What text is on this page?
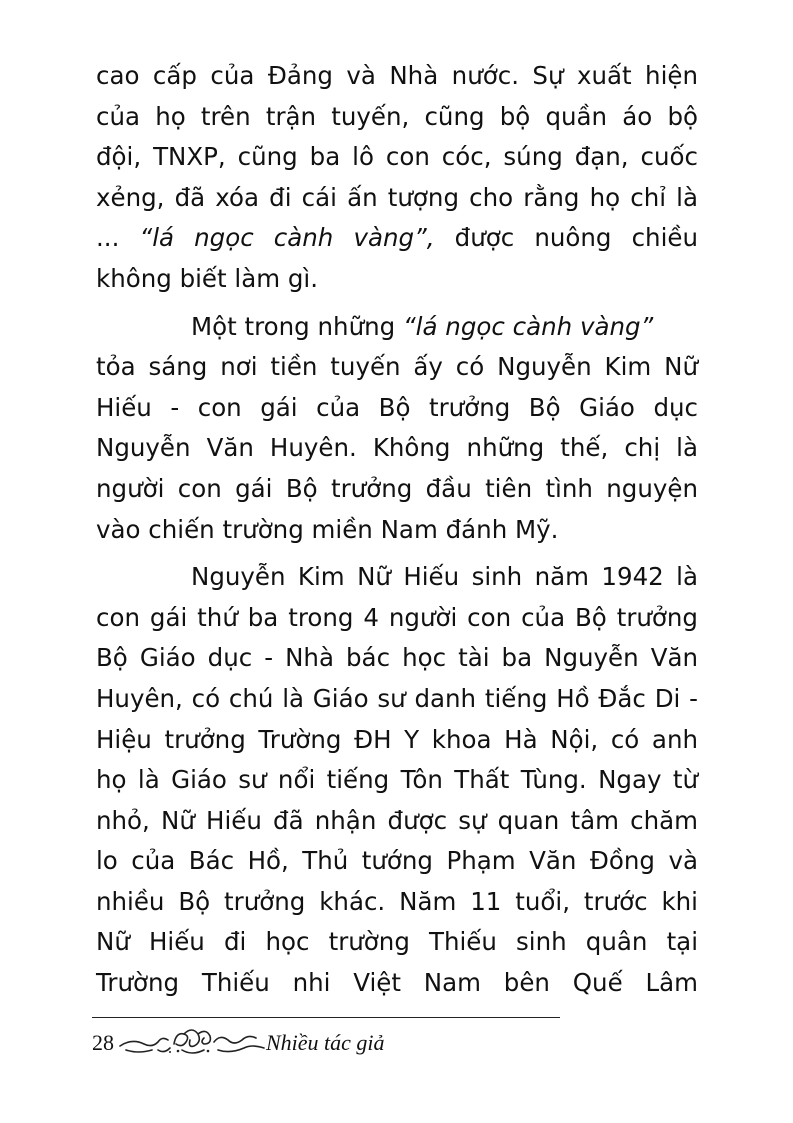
cao cấp của Đảng và Nhà nước. Sự xuất hiện
của họ trên trận tuyến, cũng bộ quần áo bộ
đội, TNXP, cũng ba lô con cóc, súng đạn, cuốc
xẻng, đã xóa đi cái ấn tượng cho rằng họ chỉ là
... “lá ngọc cành vàng”, được nuông chiều
không biết làm gì.
Một trong những “lá ngọc cành vàng”
tỏa sáng nơi tiền tuyến ấy có Nguyễn Kim Nữ
Hiếu - con gái của Bộ trưởng Bộ Giáo dục
Nguyễn Văn Huyên. Không những thế, chị là
người con gái Bộ trưởng đầu tiên tình nguyện
vào chiến trường miền Nam đánh Mỹ.
Nguyễn Kim Nữ Hiếu sinh năm 1942 là
con gái thứ ba trong 4 người con của Bộ trưởng
Bộ Giáo dục - Nhà bác học tài ba Nguyễn Văn
Huyên, có chú là Giáo sư danh tiếng Hồ Đắc Di -
Hiệu trưởng Trường ĐH Y khoa Hà Nội, có anh
họ là Giáo sư nổi tiếng Tôn Thất Tùng. Ngay từ
nhỏ, Nữ Hiếu đã nhận được sự quan tâm chăm
lo của Bác Hồ, Thủ tướng Phạm Văn Đồng và
nhiều Bộ trưởng khác. Năm 11 tuổi, trước khi
Nữ Hiếu đi học trường Thiếu sinh quân tại
Trường Thiếu nhi Việt Nam bên Quế Lâm
28	Nhiều tác giả
